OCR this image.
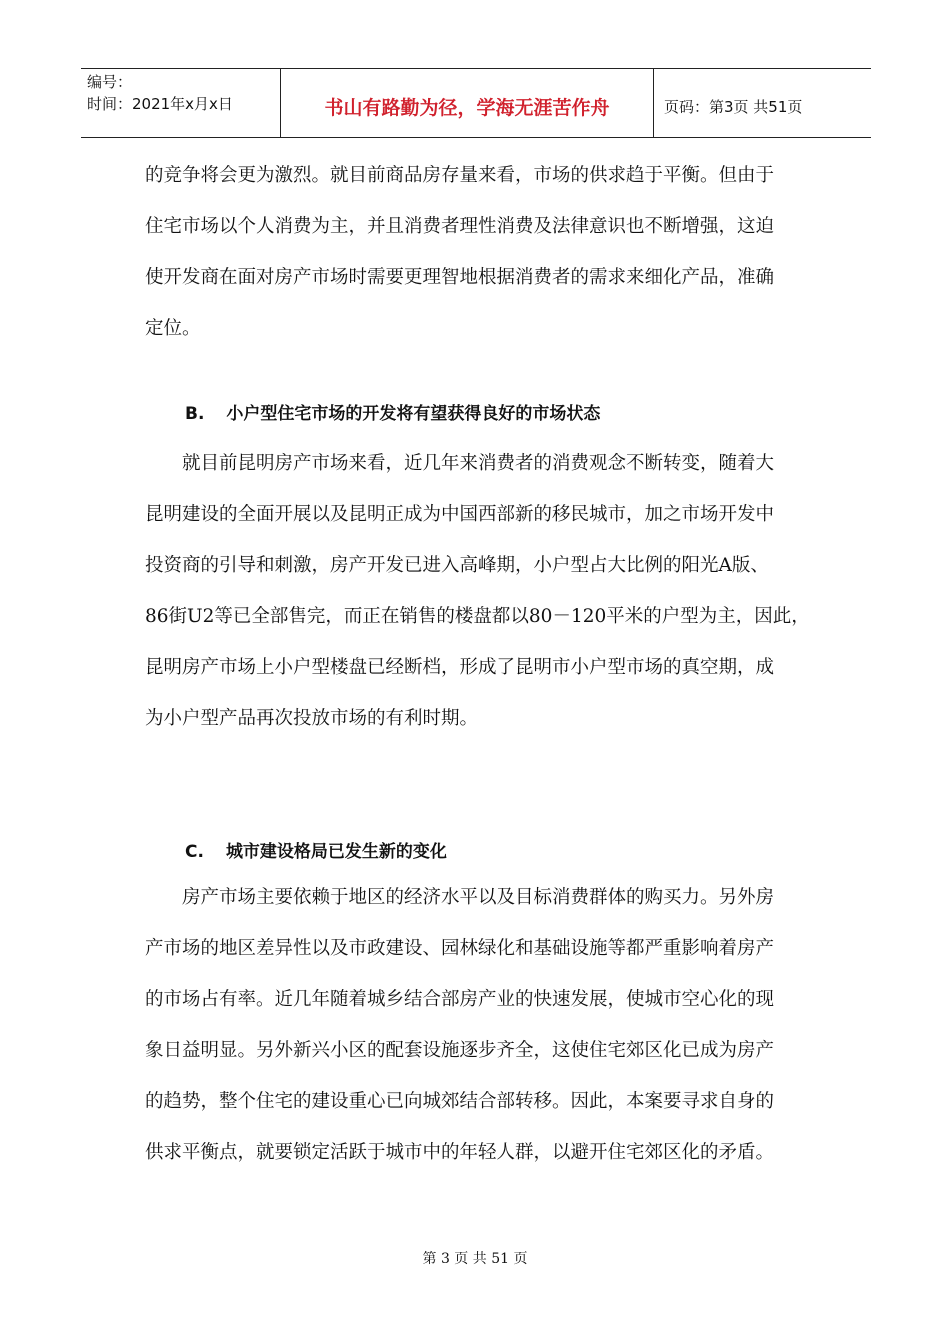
编号：
时间：2021年x月x日	书山有路勤为径，学海无涯苦作舟	页码：第3页 共51页

的竞争将会更为激烈。就目前商品房存量来看，市场的供求趋于平衡。但由于

住宅市场以个人消费为主，并且消费者理性消费及法律意识也不断增强，这迫

使开发商在面对房产市场时需要更理智地根据消费者的需求来细化产品，准确

定位。

B. 小户型住宅市场的开发将有望获得良好的市场状态

就目前昆明房产市场来看，近几年来消费者的消费观念不断转变，随着大

昆明建设的全面开展以及昆明正成为中国西部新的移民城市，加之市场开发中

投资商的引导和刺激，房产开发已进入高峰期，小户型占大比例的阳光A版、

86街U2等已全部售完，而正在销售的楼盘都以80－120平米的户型为主，因此，

昆明房产市场上小户型楼盘已经断档，形成了昆明市小户型市场的真空期，成

为小户型产品再次投放市场的有利时期。

C. 城市建设格局已发生新的变化

房产市场主要依赖于地区的经济水平以及目标消费群体的购买力。另外房

产市场的地区差异性以及市政建设、园林绿化和基础设施等都严重影响着房产

的市场占有率。近几年随着城乡结合部房产业的快速发展，使城市空心化的现

象日益明显。另外新兴小区的配套设施逐步齐全，这使住宅郊区化已成为房产

的趋势，整个住宅的建设重心已向城郊结合部转移。因此，本案要寻求自身的

供求平衡点，就要锁定活跃于城市中的年轻人群，以避开住宅郊区化的矛盾。

第 3 页 共 51 页
